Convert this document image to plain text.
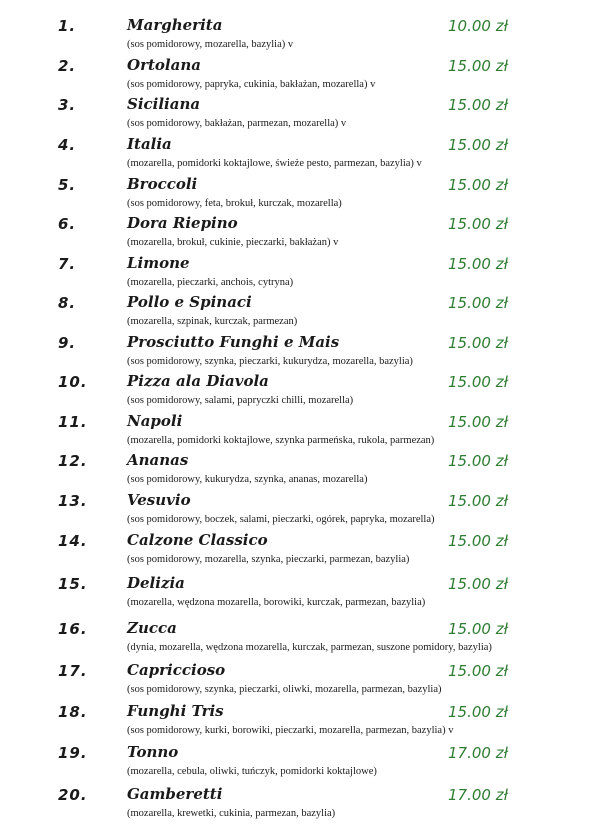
1.	Margherita	10.00 zł
(sos pomidorowy, mozarella, bazylia) v
2.	Ortolana	15.00 zł
(sos pomidorowy, papryka, cukinia, bakłażan, mozarella) v
3.	Siciliana	15.00 zł
(sos pomidorowy, bakłażan, parmezan, mozarella) v
4.	Italia	15.00 zł
(mozarella, pomidorki koktajlowe, świeże pesto, parmezan, bazylia) v
5.	Broccoli	15.00 zł
(sos pomidorowy, feta, brokuł, kurczak, mozarella)
6.	Dora Riepino	15.00 zł
(mozarella, brokuł, cukinie, pieczarki, bakłażan) v
7.	Limone	15.00 zł
(mozarella, pieczarki, anchois, cytryna)
8.	Pollo e Spinaci	15.00 zł
(mozarella, szpinak, kurczak, parmezan)
9.	Prosciutto Funghi e Mais	15.00 zł
(sos pomidorowy, szynka, pieczarki, kukurydza, mozarella, bazylia)
10.	Pizza ala Diavola	15.00 zł
(sos pomidorowy, salami, papryczki chilli, mozarella)
11.	Napoli	15.00 zł
(mozarella, pomidorki koktajlowe, szynka parmeńska, rukola, parmezan)
12.	Ananas	15.00 zł
(sos pomidorowy, kukurydza, szynka, ananas, mozarella)
13.	Vesuvio	15.00 zł
(sos pomidorowy, boczek, salami, pieczarki, ogórek, papryka, mozarella)
14.	Calzone Classico	15.00 zł
(sos pomidorowy, mozarella, szynka, pieczarki, parmezan, bazylia)
15.	Delizia	15.00 zł
(mozarella, wędzona mozarella, borowiki, kurczak, parmezan, bazylia)
16.	Zucca	15.00 zł
(dynia, mozarella, wędzona mozarella, kurczak, parmezan, suszone pomidory, bazylia)
17.	Capriccioso	15.00 zł
(sos pomidorowy, szynka, pieczarki, oliwki, mozarella, parmezan, bazylia)
18.	Funghi Tris	15.00 zł
(sos pomidorowy, kurki, borowiki, pieczarki, mozarella, parmezan, bazylia) v
19.	Tonno	17.00 zł
(mozarella, cebula, oliwki, tuńczyk, pomidorki koktajlowe)
20.	Gamberetti	17.00 zł
(mozarella, krewetki, cukinia, parmezan, bazylia)
